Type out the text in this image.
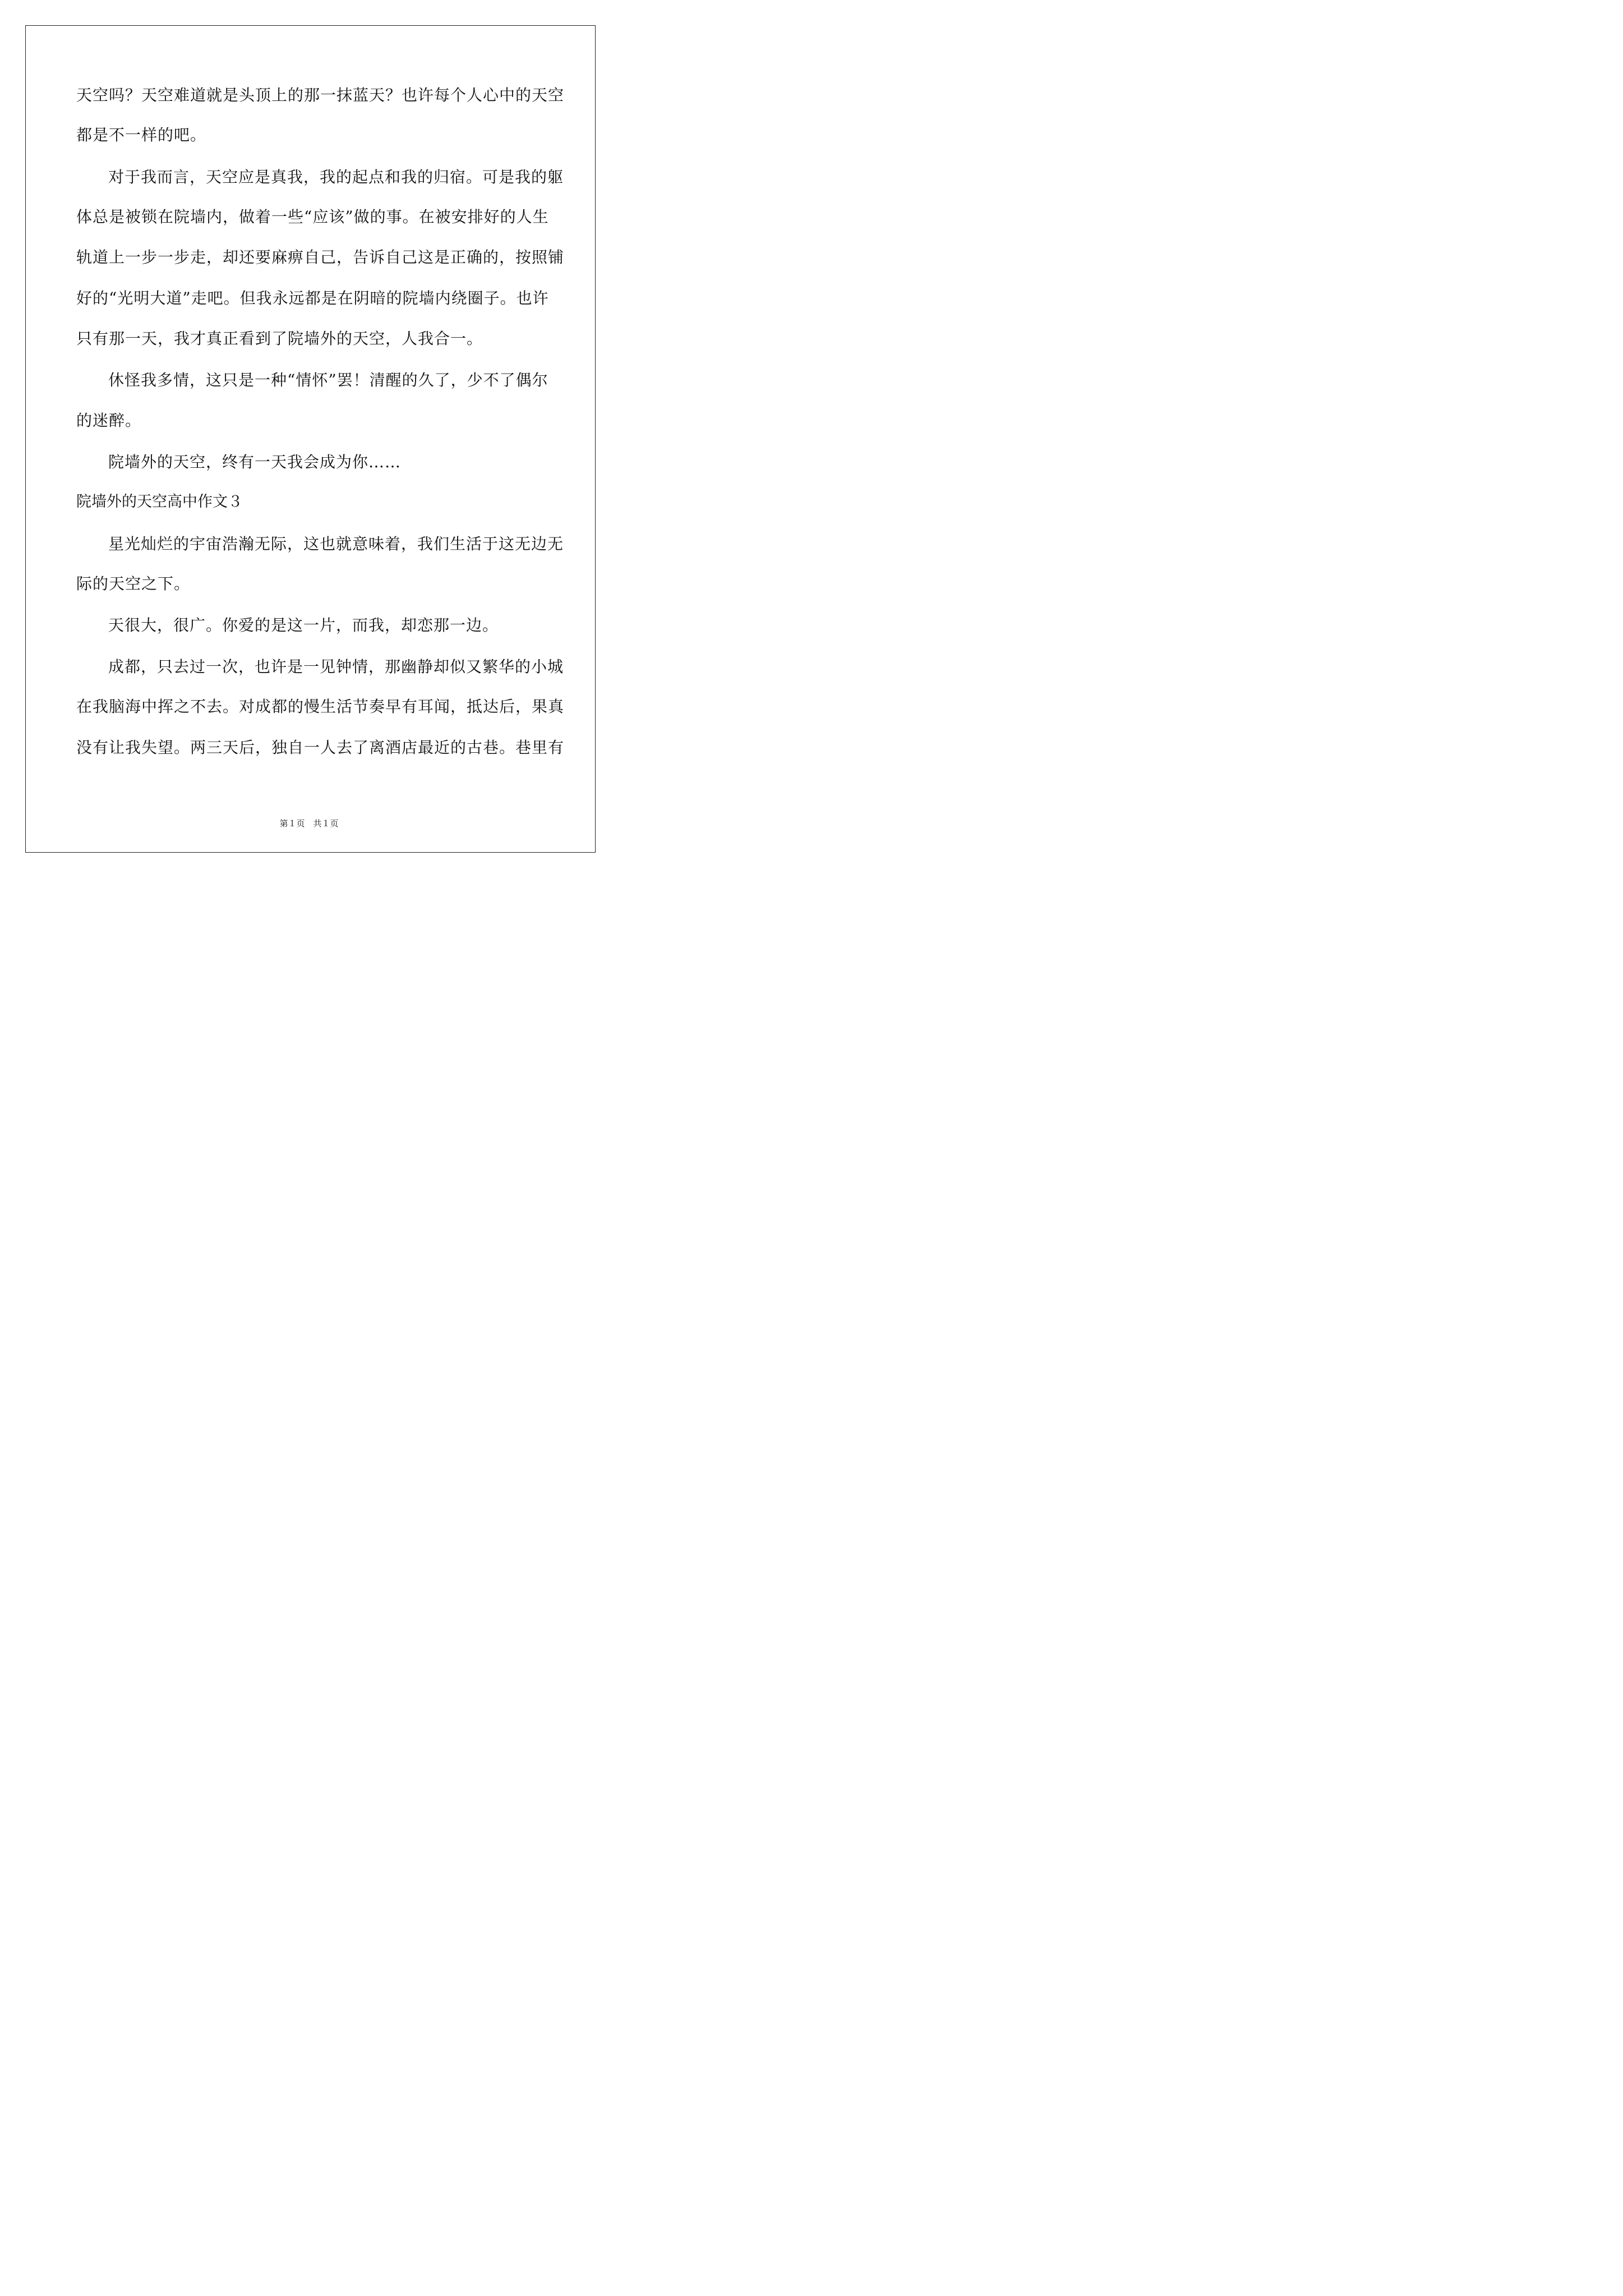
天空吗？天空难道就是头顶上的那一抹蓝天？也许每个人心中的天空
都是不一样的吧。
对于我而言，天空应是真我，我的起点和我的归宿。可是我的躯
体总是被锁在院墙内，做着一些“应该”做的事。在被安排好的人生
轨道上一步一步走，却还要麻痹自己，告诉自己这是正确的，按照铺
好的“光明大道”走吧。但我永远都是在阴暗的院墙内绕圈子。也许
只有那一天，我才真正看到了院墙外的天空，人我合一。
休怪我多情，这只是一种“情怀”罢！清醒的久了，少不了偶尔
的迷醉。
院墙外的天空，终有一天我会成为你……
院墙外的天空高中作文３
星光灿烂的宇宙浩瀚无际，这也就意味着，我们生活于这无边无
际的天空之下。
天很大，很广。你爱的是这一片，而我，却恋那一边。
成都，只去过一次，也许是一见钟情，那幽静却似又繁华的小城
在我脑海中挥之不去。对成都的慢生活节奏早有耳闻，抵达后，果真
没有让我失望。两三天后，独自一人去了离酒店最近的古巷。巷里有
第１页　共１页
